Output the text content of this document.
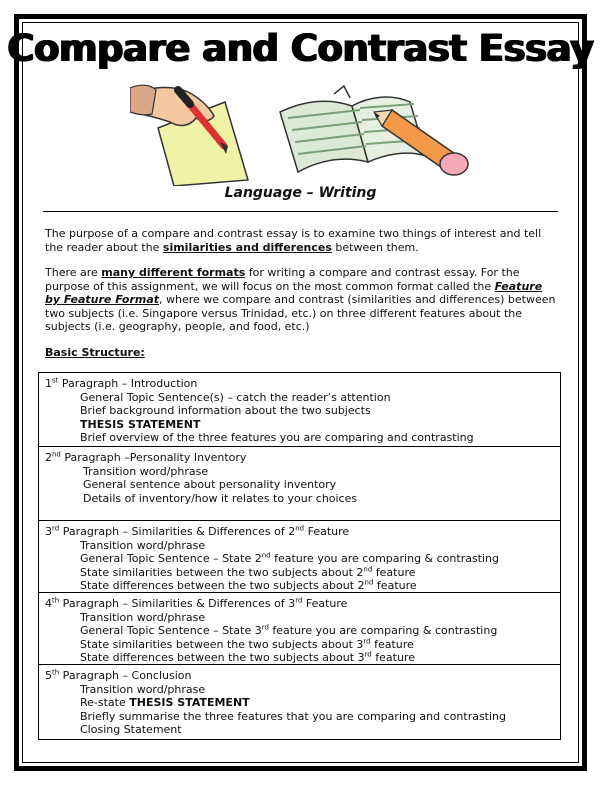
Compare and Contrast Essay
Language – Writing

The purpose of a compare and contrast essay is to examine two things of interest and tell the reader about the similarities and differences between them.

There are many different formats for writing a compare and contrast essay. For the purpose of this assignment, we will focus on the most common format called the Feature by Feature Format, where we compare and contrast (similarities and differences) between two subjects (i.e. Singapore versus Trinidad, etc.) on three different features about the subjects (i.e. geography, people, and food, etc.)

Basic Structure:

1st Paragraph – Introduction

General Topic Sentence(s) – catch the reader’s attention
Brief background information about the two subjects
THESIS STATEMENT
Brief overview of the three features you are comparing and contrasting

2nd Paragraph –Personality Inventory

Transition word/phrase
General sentence about personality inventory
Details of inventory/how it relates to your choices

3rd Paragraph – Similarities & Differences of 2nd Feature

Transition word/phrase
General Topic Sentence – State 2nd feature you are comparing & contrasting
State similarities between the two subjects about 2nd feature
State differences between the two subjects about 2nd feature

4th Paragraph – Similarities & Differences of 3rd Feature

Transition word/phrase
General Topic Sentence – State 3rd feature you are comparing & contrasting
State similarities between the two subjects about 3rd feature
State differences between the two subjects about 3rd feature

5th Paragraph – Conclusion

Transition word/phrase
Re-state THESIS STATEMENT
Briefly summarise the three features that you are comparing and contrasting
Closing Statement
